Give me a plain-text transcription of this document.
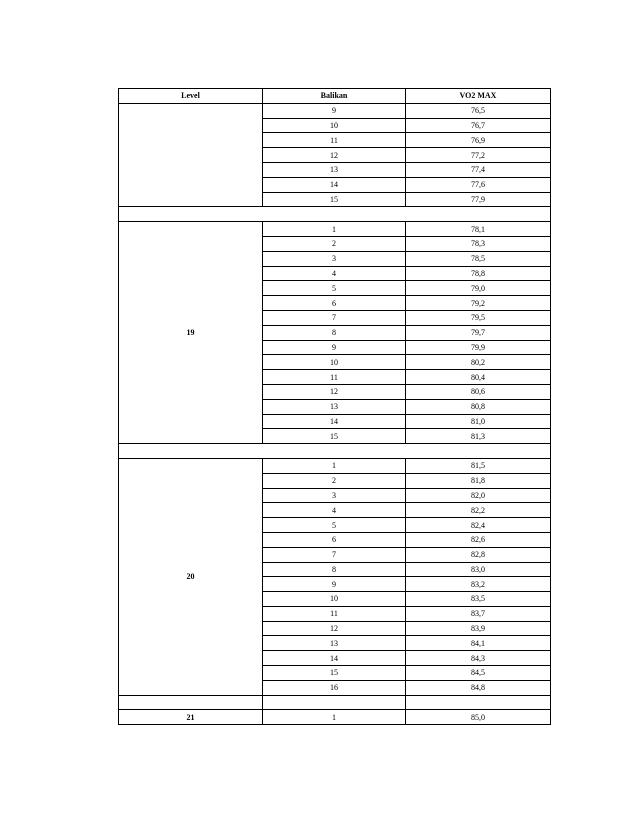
Level	Balikan	VO2 MAX
	9	76,5
	10	76,7
	11	76,9
	12	77,2
	13	77,4
	14	77,6
	15	77,9

19	1	78,1
	2	78,3
	3	78,5
	4	78,8
	5	79,0
	6	79,2
	7	79,5
	8	79,7
	9	79,9
	10	80,2
	11	80,4
	12	80,6
	13	80,8
	14	81,0
	15	81,3

20	1	81,5
	2	81,8
	3	82,0
	4	82,2
	5	82,4
	6	82,6
	7	82,8
	8	83,0
	9	83,2
	10	83,5
	11	83,7
	12	83,9
	13	84,1
	14	84,3
	15	84,5
	16	84,8

21	1	85,0
